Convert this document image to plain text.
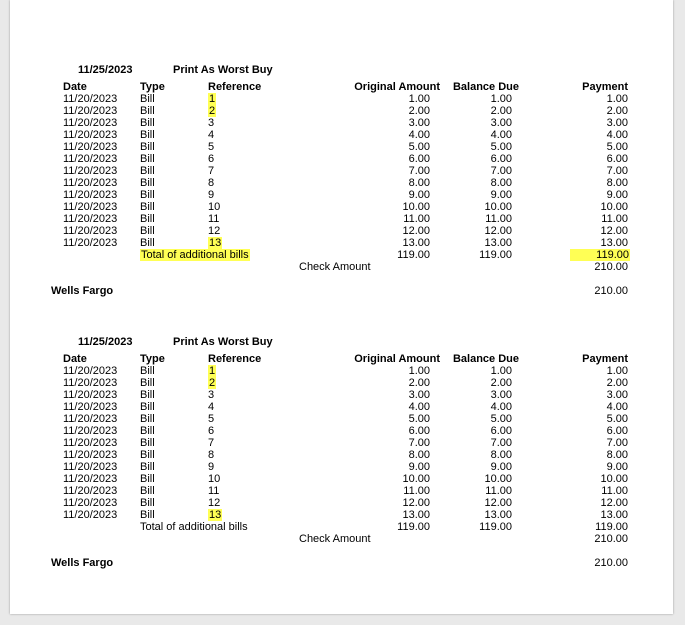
11/25/2023	Print As Worst Buy
Date	Type	Reference	Original Amount	Balance Due	Payment
11/20/2023 Bill	1	1.00	1.00	1.00
11/20/2023 Bill	2	2.00	2.00	2.00
11/20/2023 Bill	3	3.00	3.00	3.00
11/20/2023 Bill	4	4.00	4.00	4.00
11/20/2023 Bill	5	5.00	5.00	5.00
11/20/2023 Bill	6	6.00	6.00	6.00
11/20/2023 Bill	7	7.00	7.00	7.00
11/20/2023 Bill	8	8.00	8.00	8.00
11/20/2023 Bill	9	9.00	9.00	9.00
11/20/2023 Bill	10	10.00	10.00	10.00
11/20/2023 Bill	11	11.00	11.00	11.00
11/20/2023 Bill	12	12.00	12.00	12.00
11/20/2023 Bill	13	13.00	13.00	13.00
Total of additional bills	119.00	119.00	119.00
Check Amount	210.00
Wells Fargo	210.00
11/25/2023	Print As Worst Buy
Date	Type	Reference	Original Amount	Balance Due	Payment
11/20/2023 Bill	1	1.00	1.00	1.00
11/20/2023 Bill	2	2.00	2.00	2.00
11/20/2023 Bill	3	3.00	3.00	3.00
11/20/2023 Bill	4	4.00	4.00	4.00
11/20/2023 Bill	5	5.00	5.00	5.00
11/20/2023 Bill	6	6.00	6.00	6.00
11/20/2023 Bill	7	7.00	7.00	7.00
11/20/2023 Bill	8	8.00	8.00	8.00
11/20/2023 Bill	9	9.00	9.00	9.00
11/20/2023 Bill	10	10.00	10.00	10.00
11/20/2023 Bill	11	11.00	11.00	11.00
11/20/2023 Bill	12	12.00	12.00	12.00
11/20/2023 Bill	13	13.00	13.00	13.00
Total of additional bills	119.00	119.00	119.00
Check Amount	210.00
Wells Fargo	210.00
